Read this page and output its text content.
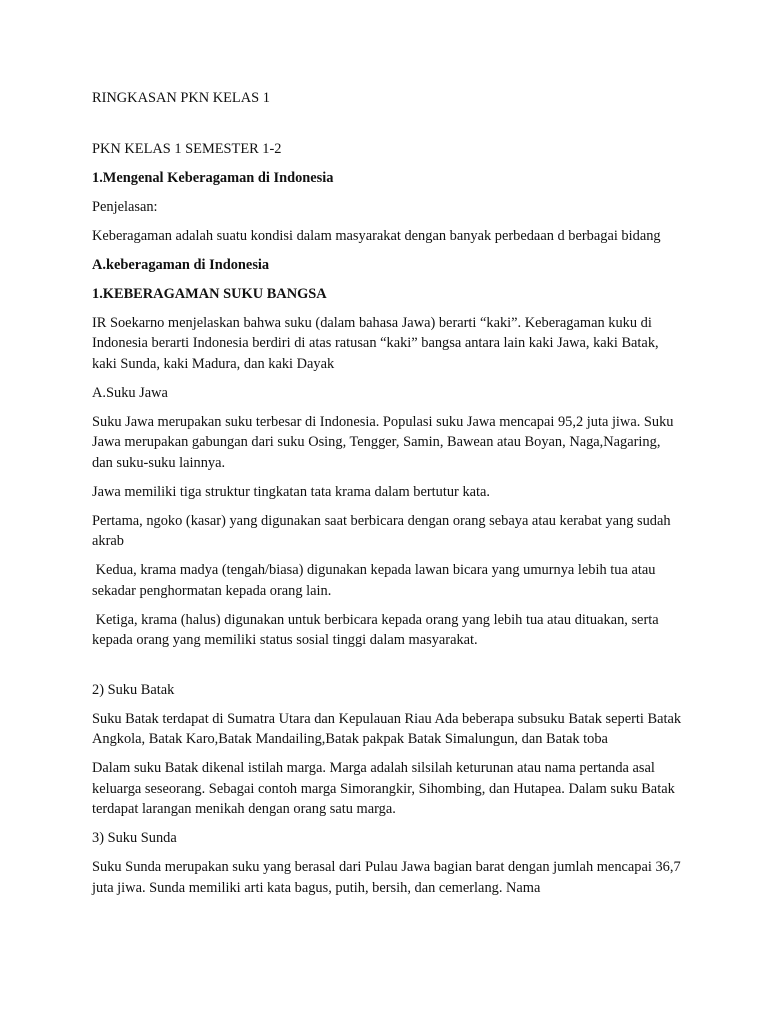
RINGKASAN PKN KELAS 1

PKN KELAS 1 SEMESTER 1-2

1.Mengenal Keberagaman di Indonesia

Penjelasan:

Keberagaman adalah suatu kondisi dalam masyarakat dengan banyak perbedaan d berbagai bidang

A.keberagaman di Indonesia

1.KEBERAGAMAN SUKU BANGSA

IR Soekarno menjelaskan bahwa suku (dalam bahasa Jawa) berarti “kaki”. Keberagaman kuku di Indonesia berarti Indonesia berdiri di atas ratusan “kaki” bangsa antara lain kaki Jawa, kaki Batak, kaki Sunda, kaki Madura, dan kaki Dayak

A.Suku Jawa

Suku Jawa merupakan suku terbesar di Indonesia. Populasi suku Jawa mencapai 95,2 juta jiwa. Suku Jawa merupakan gabungan dari suku Osing, Tengger, Samin, Bawean atau Boyan, Naga,Nagaring, dan suku-suku lainnya.

Jawa memiliki tiga struktur tingkatan tata krama dalam bertutur kata.

Pertama, ngoko (kasar) yang digunakan saat berbicara dengan orang sebaya atau kerabat yang sudah akrab

Kedua, krama madya (tengah/biasa) digunakan kepada lawan bicara yang umurnya lebih tua atau sekadar penghormatan kepada orang lain.

Ketiga, krama (halus) digunakan untuk berbicara kepada orang yang lebih tua atau dituakan, serta kepada orang yang memiliki status sosial tinggi dalam masyarakat.

2) Suku Batak

Suku Batak terdapat di Sumatra Utara dan Kepulauan Riau Ada beberapa subsuku Batak seperti Batak Angkola, Batak Karo,Batak Mandailing,Batak pakpak Batak Simalungun, dan Batak toba

Dalam suku Batak dikenal istilah marga. Marga adalah silsilah keturunan atau nama pertanda asal keluarga seseorang. Sebagai contoh marga Simorangkir, Sihombing, dan Hutapea. Dalam suku Batak terdapat larangan menikah dengan orang satu marga.

3) Suku Sunda

Suku Sunda merupakan suku yang berasal dari Pulau Jawa bagian barat dengan jumlah mencapai 36,7 juta jiwa. Sunda memiliki arti kata bagus, putih, bersih, dan cemerlang. Nama
